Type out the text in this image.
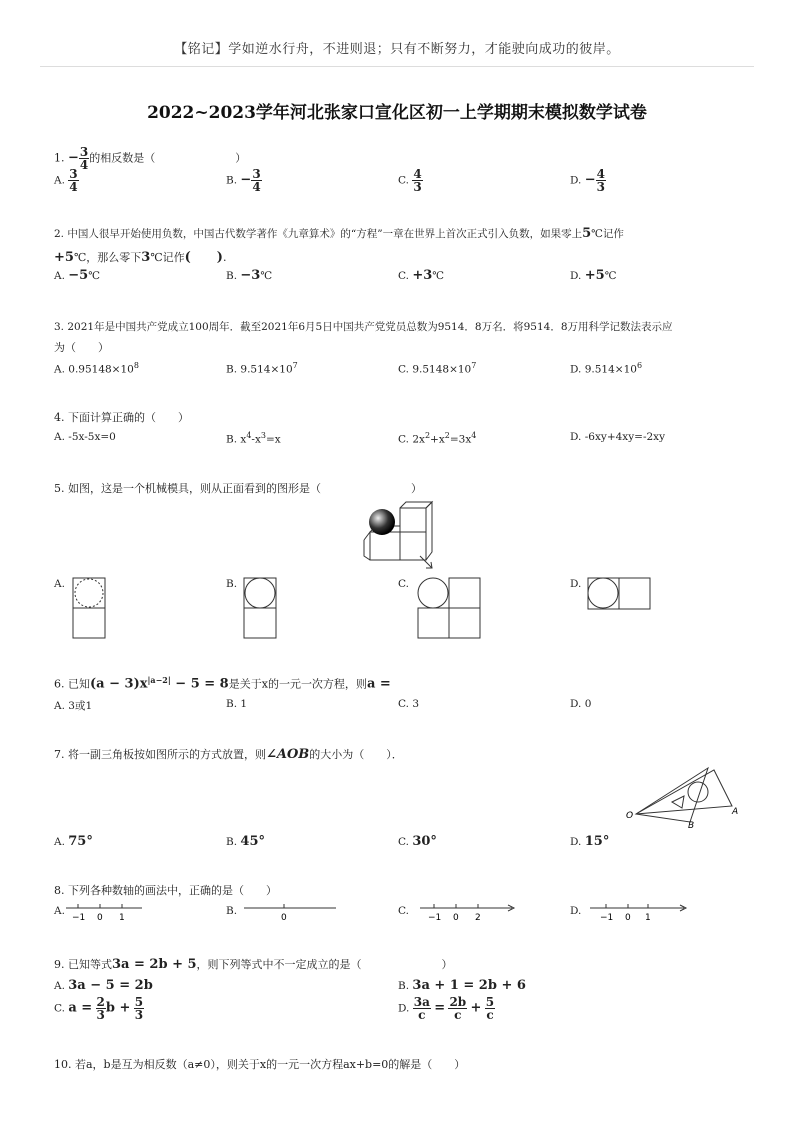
【铭记】学如逆水行舟，不进则退；只有不断努力，才能驶向成功的彼岸。
2022~2023学年河北张家口宣化区初一上学期期末模拟数学试卷
1. − $\frac{3}{4}$ 的相反数是（	）
A. $\frac{3}{4}$	B. − $\frac{3}{4}$	C. $\frac{4}{3}$	D. − $\frac{4}{3}$
2. 中国人很早开始使用负数，中国古代数学著作《九章算术》的“方程”一章在世界上首次正式引入负数，如果零上5℃记作
+5℃，那么零下3℃记作(　　).
A. −5℃	B. −3℃	C. +3℃	D. +5℃
3. 2021年是中国共产党成立100周年．截至2021年6月5日中国共产党党员总数为9514．8万名．将9514．8万用科学记数法表示应
为（　　）
A. $0.95148\times 10^8$	B. $9.514\times 10^7$	C. $9.5148\times 10^7$	D. $9.514\times 10^6$
4. 下面计算正确的（　　）
A. -5x-5x=0	B. $x^4-x^3=x$	C. $2x^2+x^2=3x^4$	D. -6xy+4xy=-2xy
5. 如图，这是一个机械模具，则从正面看到的图形是（	）
A.	B.	C.	D.
6. 已知$(a - 3)x^{|a-2|} - 5 = 8$是关于x的一元一次方程，则a =
A. 3或1	B. 1	C. 3	D. 0
7. 将一副三角板按如图所示的方式放置，则∠AOB的大小为（　　）．
O	A
B
A. 75°	B. 45°	C. 30°	D. 15°
8. 下列各种数轴的画法中，正确的是（　　）
A.
−1 0 1
B.
0
C.
−1 0 2
D.
−1 0 1
9. 已知等式3a = 2b + 5，则下列等式中不一定成立的是（	）
A. 3a − 5 = 2b	B. 3a + 1 = 2b + 6
C. $a = \frac{2}{3}$ $b + \frac{5}{3}$	D. $\frac{3a}{c} = \frac{2b}{c} + \frac{5}{c}$
10. 若a，b是互为相反数（a≠0），则关于x的一元一次方程ax+b=0的解是（　　）
